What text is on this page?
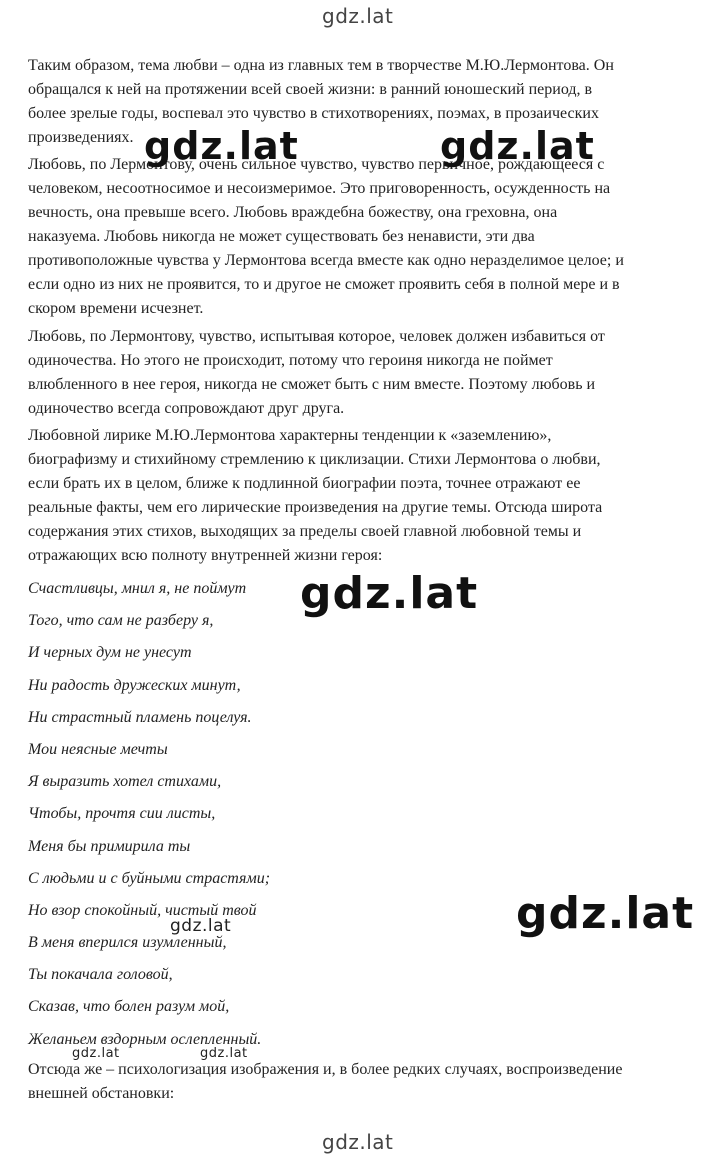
gdz.lat

Таким образом, тема любви – одна из главных тем в творчестве М.Ю.Лермонтова. Он
обращался к ней на протяжении всей своей жизни: в ранний юношеский период, в
более зрелые годы, воспевал это чувство в стихотворениях, поэмах, в прозаических
произведениях.

Любовь, по Лермонтову, очень сильное чувство, чувство первичное, рождающееся с
человеком, несоотносимое и несоизмеримое. Это приговоренность, осужденность на
вечность, она превыше всего. Любовь враждебна божеству, она греховна, она
наказуема. Любовь никогда не может существовать без ненависти, эти два
противоположные чувства у Лермонтова всегда вместе как одно неразделимое целое; и
если одно из них не проявится, то и другое не сможет проявить себя в полной мере и в
скором времени исчезнет.

Любовь, по Лермонтову, чувство, испытывая которое, человек должен избавиться от
одиночества. Но этого не происходит, потому что героиня никогда не поймет
влюбленного в нее героя, никогда не сможет быть с ним вместе. Поэтому любовь и
одиночество всегда сопровождают друг друга.

Любовной лирике М.Ю.Лермонтова характерны тенденции к «заземлению»,
биографизму и стихийному стремлению к циклизации. Стихи Лермонтова о любви,
если брать их в целом, ближе к подлинной биографии поэта, точнее отражают ее
реальные факты, чем его лирические произведения на другие темы. Отсюда широта
содержания этих стихов, выходящих за пределы своей главной любовной темы и
отражающих всю полноту внутренней жизни героя:

Счастливцы, мнил я, не поймут
Того, что сам не разберу я,
И черных дум не унесут
Ни радость дружеских минут,
Ни страстный пламень поцелуя.
Мои неясные мечты
Я выразить хотел стихами,
Чтобы, прочтя сии листы,
Меня бы примирила ты
С людьми и с буйными страстями;
Но взор спокойный, чистый твой
В меня вперился изумленный,
Ты покачала головой,
Сказав, что болен разум мой,
Желаньем вздорным ослепленный.

Отсюда же – психологизация изображения и, в более редких случаях, воспроизведение
внешней обстановки:

gdz.lat	gdz.lat
gdz.lat
gdz.lat
gdz.lat
gdz.lat	gdz.lat
gdz.lat
